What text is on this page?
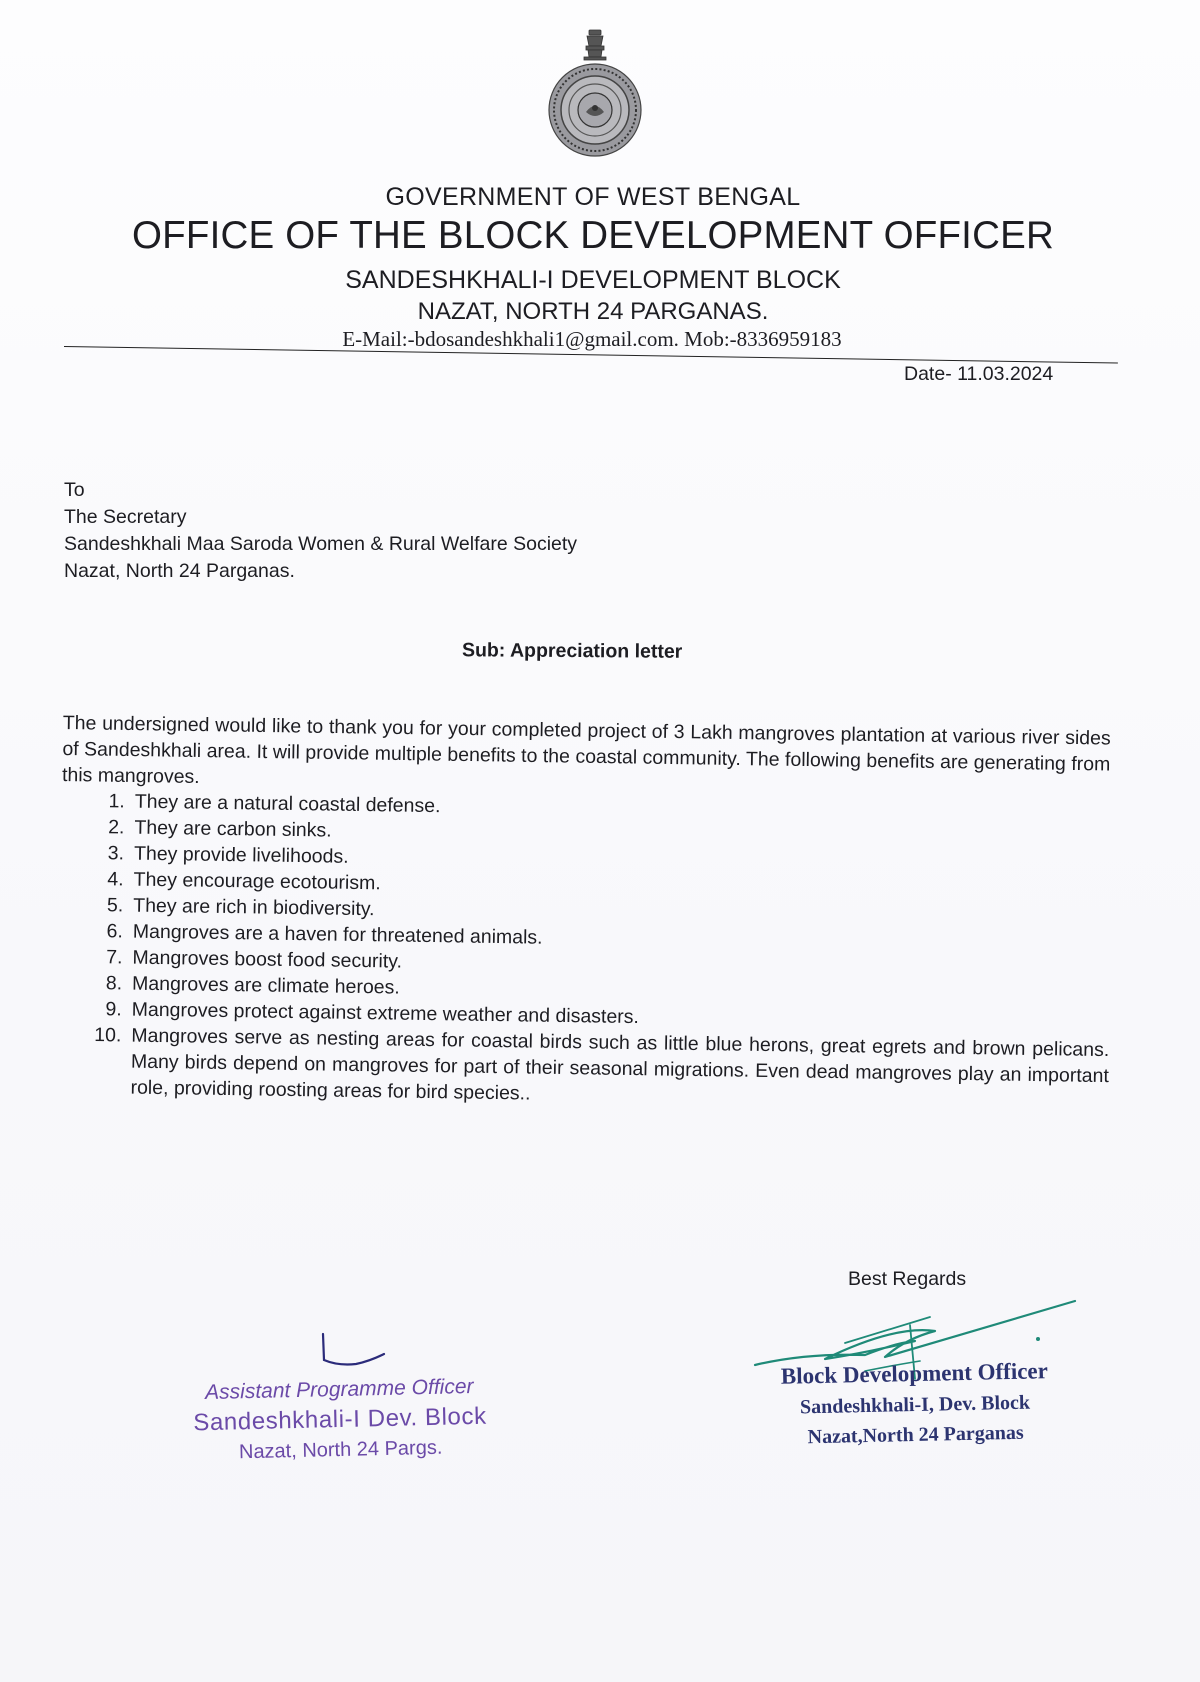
GOVERNMENT OF WEST BENGAL
OFFICE OF THE BLOCK DEVELOPMENT OFFICER
SANDESHKHALI-I DEVELOPMENT BLOCK
NAZAT, NORTH 24 PARGANAS.
E-Mail:-bdosandeshkhali1@gmail.com. Mob:-8336959183
Date- 11.03.2024
To
The Secretary
Sandeshkhali Maa Saroda Women & Rural Welfare Society
Nazat, North 24 Parganas.
Sub: Appreciation letter
The undersigned would like to thank you for your completed project of 3 Lakh mangroves plantation at various river sides of Sandeshkhali area. It will provide multiple benefits to the coastal community. The following benefits are generating from this mangroves.
1. They are a natural coastal defense.
2. They are carbon sinks.
3. They provide livelihoods.
4. They encourage ecotourism.
5. They are rich in biodiversity.
6. Mangroves are a haven for threatened animals.
7. Mangroves boost food security.
8. Mangroves are climate heroes.
9. Mangroves protect against extreme weather and disasters.
10. Mangroves serve as nesting areas for coastal birds such as little blue herons, great egrets and brown pelicans. Many birds depend on mangroves for part of their seasonal migrations. Even dead mangroves play an important role, providing roosting areas for bird species..
Best Regards
Assistant Programme Officer
Sandeshkhali-I Dev. Block
Nazat, North 24 Pargs.
Block Development Officer
Sandeshkhali-I, Dev. Block
Nazat,North 24 Parganas
